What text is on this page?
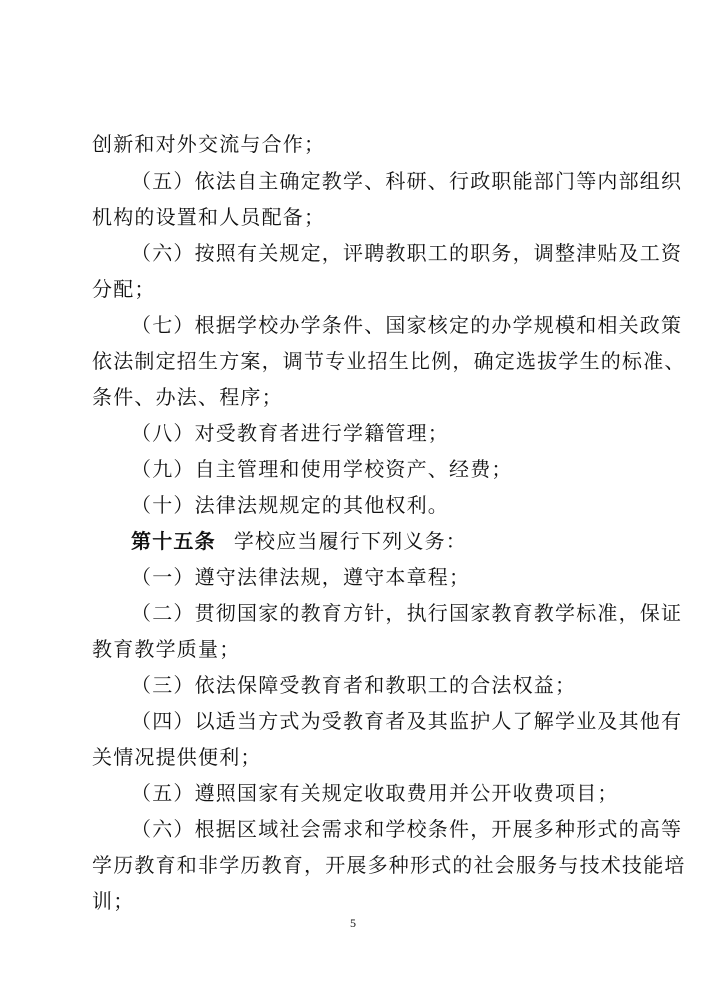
创新和对外交流与合作；
（五）依法自主确定教学、科研、行政职能部门等内部组织
机构的设置和人员配备；
（六）按照有关规定，评聘教职工的职务，调整津贴及工资
分配；
（七）根据学校办学条件、国家核定的办学规模和相关政策
依法制定招生方案，调节专业招生比例，确定选拔学生的标准、
条件、办法、程序；
（八）对受教育者进行学籍管理；
（九）自主管理和使用学校资产、经费；
（十）法律法规规定的其他权利。
第十五条 学校应当履行下列义务：
（一）遵守法律法规，遵守本章程；
（二）贯彻国家的教育方针，执行国家教育教学标准，保证
教育教学质量；
（三）依法保障受教育者和教职工的合法权益；
（四）以适当方式为受教育者及其监护人了解学业及其他有
关情况提供便利；
（五）遵照国家有关规定收取费用并公开收费项目；
（六）根据区域社会需求和学校条件，开展多种形式的高等
学历教育和非学历教育，开展多种形式的社会服务与技术技能培
训；
5
